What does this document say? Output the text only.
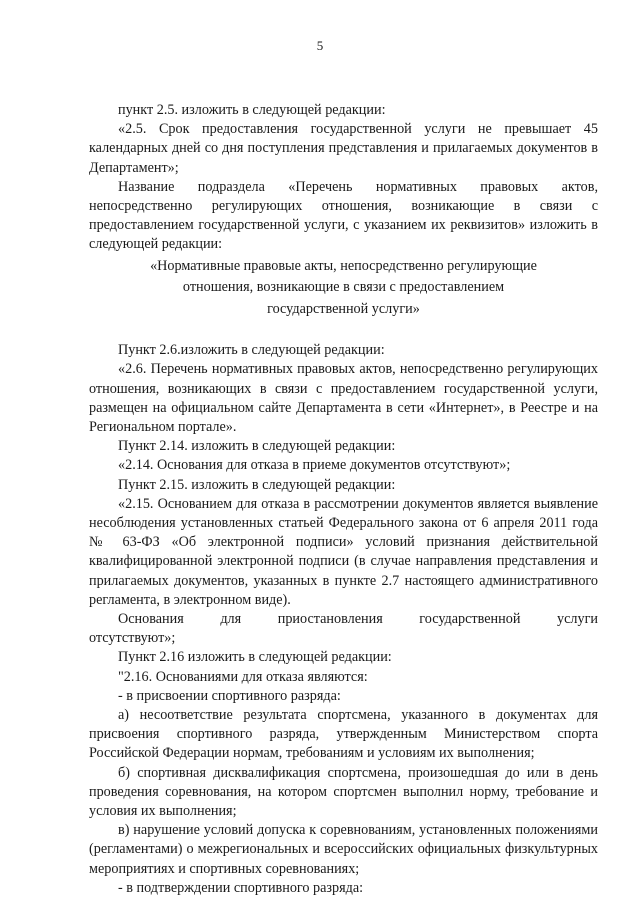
5

пункт 2.5. изложить в следующей редакции:

«2.5. Срок предоставления государственной услуги не превышает 45 календарных дней со дня поступления представления и прилагаемых документов в Департамент»;

Название подраздела «Перечень нормативных правовых актов, непосредственно регулирующих отношения, возникающие в связи с предоставлением государственной услуги, с указанием их реквизитов» изложить в следующей редакции:

«Нормативные правовые акты, непосредственно регулирующие
отношения, возникающие в связи с предоставлением
государственной услуги»

Пункт 2.6.изложить в следующей редакции:

«2.6. Перечень нормативных правовых актов, непосредственно регулирующих отношения, возникающих в связи с предоставлением государственной услуги, размещен на официальном сайте Департамента в сети «Интернет», в Реестре и на Региональном портале».

Пункт 2.14. изложить в следующей редакции:

«2.14. Основания для отказа в приеме документов отсутствуют»;

Пункт 2.15. изложить в следующей редакции:

«2.15. Основанием для отказа в рассмотрении документов является выявление несоблюдения установленных статьей Федерального закона от 6 апреля 2011 года № 63-ФЗ «Об электронной подписи» условий признания действительной квалифицированной электронной подписи (в случае направления представления и прилагаемых документов, указанных в пункте 2.7 настоящего административного регламента, в электронном виде).

Основания	для	приостановления	государственной	услуги
отсутствуют»;

Пункт 2.16 изложить в следующей редакции:

"2.16. Основаниями для отказа являются:

- в присвоении спортивного разряда:

а) несоответствие результата спортсмена, указанного в документах для присвоения спортивного разряда, утвержденным Министерством спорта Российской Федерации нормам, требованиям и условиям их выполнения;

б) спортивная дисквалификация спортсмена, произошедшая до или в день проведения соревнования, на котором спортсмен выполнил норму, требование и условия их выполнения;

в) нарушение условий допуска к соревнованиям, установленных положениями (регламентами) о межрегиональных и всероссийских официальных физкультурных мероприятиях и спортивных соревнованиях;

- в подтверждении спортивного разряда:
